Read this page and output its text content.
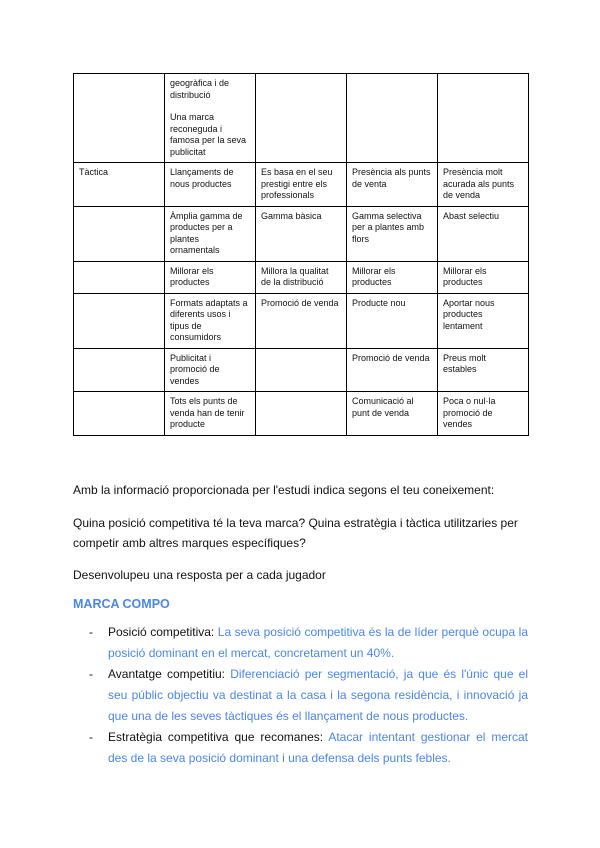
	geogràfica i de distribució

Una marca reconeguda i famosa per la seva publicitat			

Tàctica	Llançaments de nous productes	Es basa en el seu prestigi entre els professionals	Presència als punts de venta	Presència molt acurada als punts de venda

	Àmplia gamma de productes per a plantes ornamentals	Gamma bàsica	Gamma selectiva per a plantes amb flors	Abast selectiu

	Millorar els productes	Millora la qualitat de la distribució	Millorar els productes	Millorar els productes

	Formats adaptats a diferents usos i tipus de consumidors	Promoció de venda	Producte nou	Aportar nous productes lentament

	Publicitat i promoció de vendes		Promoció de venda	Preus molt estables

	Tots els punts de venda han de tenir producte		Comunicació al punt de venda	Poca o nul·la promoció de vendes

Amb la informació proporcionada per l'estudi indica segons el teu coneixement:

Quina posició competitiva té la teva marca? Quina estratègia i tàctica utilitzaries per competir amb altres marques específiques?

Desenvolupeu una resposta per a cada jugador

MARCA COMPO

- Posició competitiva: La seva posició competitiva és la de líder perquè ocupa la posició dominant en el mercat, concretament un 40%.
- Avantatge competitiu: Diferenciació per segmentació, ja que és l'únic que el seu públic objectiu va destinat a la casa i la segona residència, i innovació ja que una de les seves tàctiques és el llançament de nous productes.
- Estratègia competitiva que recomanes: Atacar intentant gestionar el mercat des de la seva posició dominant i una defensa dels punts febles.
